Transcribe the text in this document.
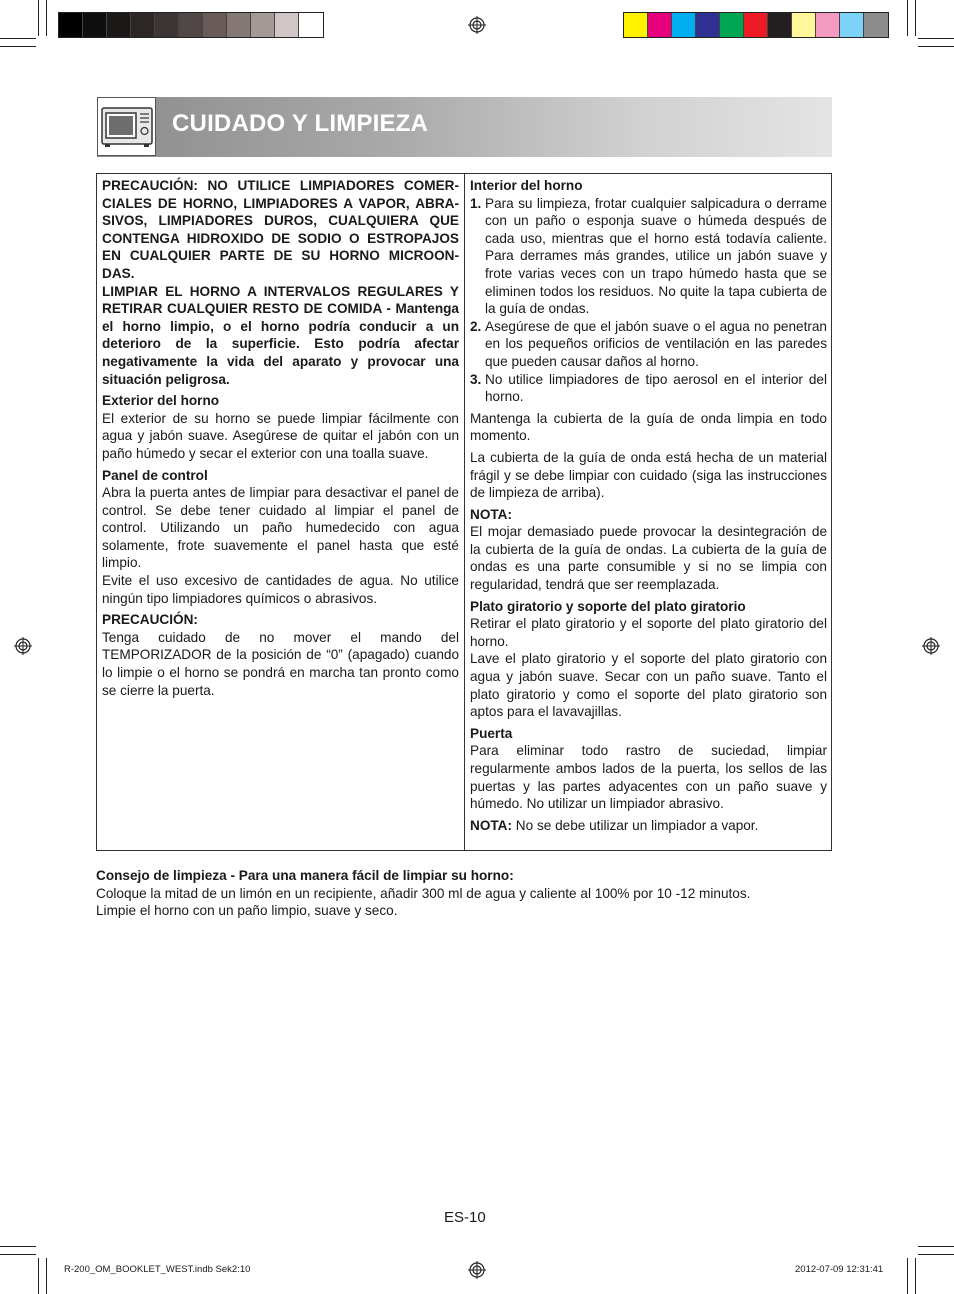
CUIDADO Y LIMPIEZA

PRECAUCIÓN: NO UTILICE LIMPIADORES COMER-CIALES DE HORNO, LIMPIADORES A VAPOR, ABRA-SIVOS, LIMPIADORES DUROS, CUALQUIERA QUE CONTENGA HIDROXIDO DE SODIO O ESTROPAJOS EN CUALQUIER PARTE DE SU HORNO MICROON-DAS.

LIMPIAR EL HORNO A INTERVALOS REGULARES Y RETIRAR CUALQUIER RESTO DE COMIDA - Mantenga el horno limpio, o el horno podría conducir a un deterioro de la superficie. Esto podría afectar negativamente la vida del aparato y provocar una situación peligrosa.

Exterior del horno

El exterior de su horno se puede limpiar fácilmente con agua y jabón suave. Asegúrese de quitar el jabón con un paño húmedo y secar el exterior con una toalla suave.

Panel de control

Abra la puerta antes de limpiar para desactivar el panel de control. Se debe tener cuidado al limpiar el panel de control. Utilizando un paño humedecido con agua solamente, frote suavemente el panel hasta que esté limpio.

Evite el uso excesivo de cantidades de agua. No utilice ningún tipo limpiadores químicos o abrasivos.

PRECAUCIÓN:

Tenga cuidado de no mover el mando del TEMPORIZADOR de la posición de “0” (apagado) cuando lo limpie o el horno se pondrá en marcha tan pronto como se cierre la puerta.

Interior del horno

1. Para su limpieza, frotar cualquier salpicadura o derrame con un paño o esponja suave o húmeda después de cada uso, mientras que el horno está todavía caliente. Para derrames más grandes, utilice un jabón suave y frote varias veces con un trapo húmedo hasta que se eliminen todos los residuos. No quite la tapa cubierta de la guía de ondas.

2. Asegúrese de que el jabón suave o el agua no penetran en los pequeños orificios de ventilación en las paredes que pueden causar daños al horno.

3. No utilice limpiadores de tipo aerosol en el interior del horno.

Mantenga la cubierta de la guía de onda limpia en todo momento.

La cubierta de la guía de onda está hecha de un material frágil y se debe limpiar con cuidado (siga las instrucciones de limpieza de arriba).

NOTA:

El mojar demasiado puede provocar la desintegración de la cubierta de la guía de ondas. La cubierta de la guía de ondas es una parte consumible y si no se limpia con regularidad, tendrá que ser reemplazada.

Plato giratorio y soporte del plato giratorio

Retirar el plato giratorio y el soporte del plato giratorio del horno.

Lave el plato giratorio y el soporte del plato giratorio con agua y jabón suave. Secar con un paño suave. Tanto el plato giratorio y como el soporte del plato giratorio son aptos para el lavavajillas.

Puerta

Para eliminar todo rastro de suciedad, limpiar regularmente ambos lados de la puerta, los sellos de las puertas y las partes adyacentes con un paño suave y húmedo. No utilizar un limpiador abrasivo.

NOTA: No se debe utilizar un limpiador a vapor.

Consejo de limpieza - Para una manera fácil de limpiar su horno:

Coloque la mitad de un limón en un recipiente, añadir 300 ml de agua y caliente al 100% por 10 -12 minutos.

Limpie el horno con un paño limpio, suave y seco.

ES-10
R-200_OM_BOOKLET_WEST.indb Sek2:10	2012-07-09 12:31:41
